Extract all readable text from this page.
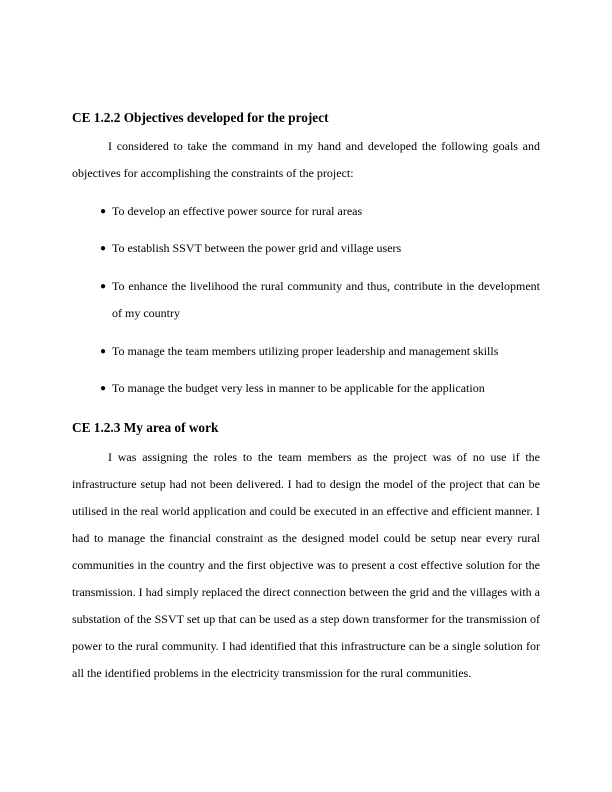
CE 1.2.2 Objectives developed for the project

I considered to take the command in my hand and developed the following goals and objectives for accomplishing the constraints of the project:

● To develop an effective power source for rural areas
● To establish SSVT between the power grid and village users
● To enhance the livelihood the rural community and thus, contribute in the development of my country
● To manage the team members utilizing proper leadership and management skills
● To manage the budget very less in manner to be applicable for the application
CE 1.2.3 My area of work

I was assigning the roles to the team members as the project was of no use if the infrastructure setup had not been delivered. I had to design the model of the project that can be utilised in the real world application and could be executed in an effective and efficient manner. I had to manage the financial constraint as the designed model could be setup near every rural communities in the country and the first objective was to present a cost effective solution for the transmission. I had simply replaced the direct connection between the grid and the villages with a substation of the SSVT set up that can be used as a step down transformer for the transmission of power to the rural community. I had identified that this infrastructure can be a single solution for all the identified problems in the electricity transmission for the rural communities.
